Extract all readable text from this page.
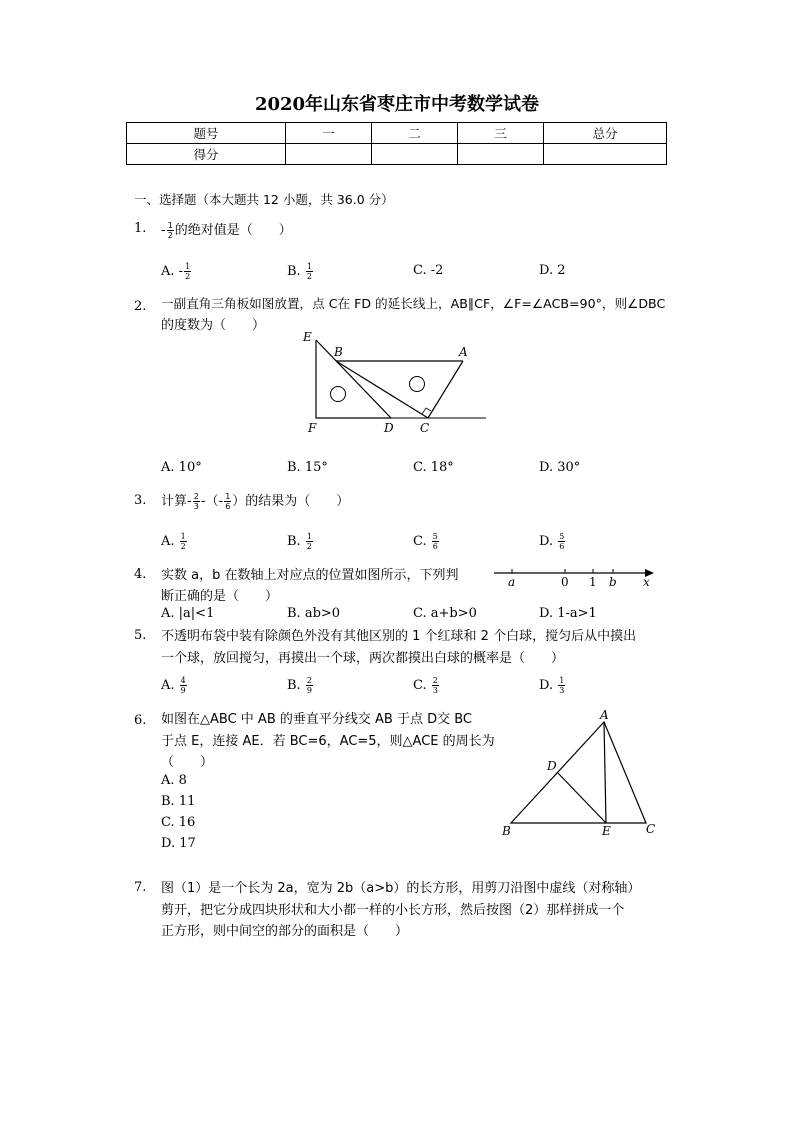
2020年山东省枣庄市中考数学试卷
题号	一	二	三	总分
得分				
一、选择题（本大题共 12 小题，共 36.0 分）
1. - $\frac{1}{2}$ 的绝对值是（　　）
A. - $\frac{1}{2}$	B. $\frac{1}{2}$	C. -2	D. 2
2. 一副直角三角板如图放置，点 C在 FD 的延长线上，AB∥CF，∠F=∠ACB=90°，则∠DBC
的度数为（　　）
E
B	A
F	D C
A. 10°	B. 15°	C. 18°	D. 30°
3. 计算- $\frac{2}{3}$ -（- $\frac{1}{6}$ ）的结果为（　　）
A. $\frac{1}{2}$	B. $\frac{1}{2}$	C. $\frac{5}{6}$	D. $\frac{5}{6}$
4. 实数 a，b 在数轴上对应点的位置如图所示，下列判
断正确的是（　　）
a	0 1 b x
A. |a|<1	B. ab>0	C. a+b>0	D. 1-a>1
5. 不透明布袋中装有除颜色外没有其他区别的 1 个红球和 2 个白球，搅匀后从中摸出
一个球，放回搅匀，再摸出一个球，两次都摸出白球的概率是（　　）
A. $\frac{4}{9}$	B. $\frac{2}{9}$	C. $\frac{2}{3}$	D. $\frac{1}{3}$
6. 如图在△ABC 中 AB 的垂直平分线交 AB 于点 D交 BC
于点 E，连接 AE．若 BC=6，AC=5，则△ACE 的周长为
（　　）
A. 8
B. 11
C. 16
D. 17
A
D
B	E	C
7. 图（1）是一个长为 2a，宽为 2b（a>b）的长方形，用剪刀沿图中虚线（对称轴）
剪开，把它分成四块形状和大小都一样的小长方形，然后按图（2）那样拼成一个
正方形，则中间空的部分的面积是（　　）
